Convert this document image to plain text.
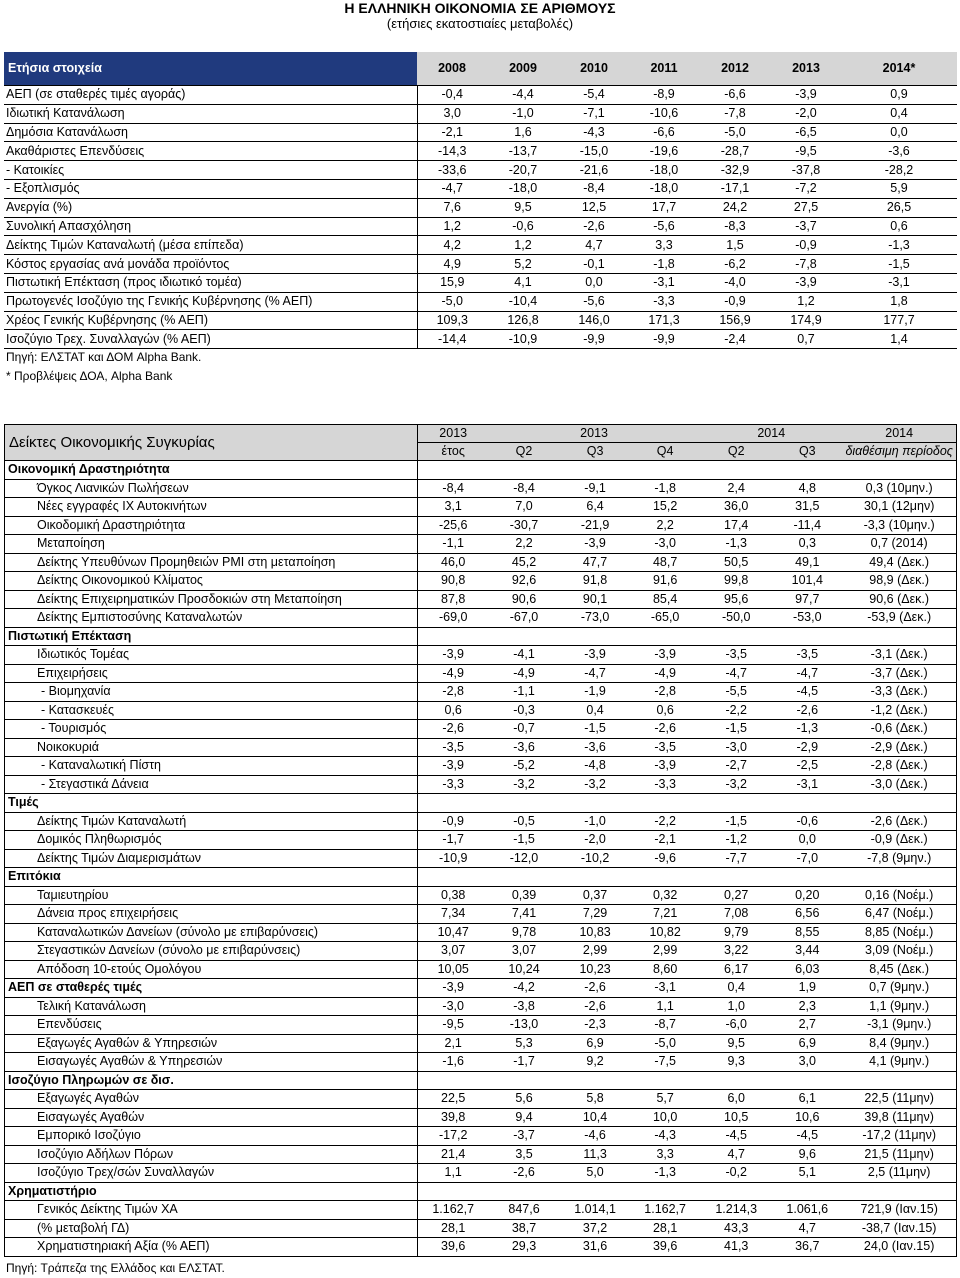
Η ΕΛΛΗΝΙΚΗ ΟΙΚΟΝΟΜΙΑ ΣΕ ΑΡΙΘΜΟΥΣ
(ετήσιες εκατοστιαίες μεταβολές)
Ετήσια στοιχεία	2008	2009	2010	2011	2012	2013	2014*
ΑΕΠ (σε σταθερές τιμές αγοράς)	-0,4	-4,4	-5,4	-8,9	-6,6	-3,9	0,9
Ιδιωτική Κατανάλωση	3,0	-1,0	-7,1	-10,6	-7,8	-2,0	0,4
Δημόσια Κατανάλωση	-2,1	1,6	-4,3	-6,6	-5,0	-6,5	0,0
Ακαθάριστες Επενδύσεις	-14,3	-13,7	-15,0	-19,6	-28,7	-9,5	-3,6
- Κατοικίες	-33,6	-20,7	-21,6	-18,0	-32,9	-37,8	-28,2
- Εξοπλισμός	-4,7	-18,0	-8,4	-18,0	-17,1	-7,2	5,9
Ανεργία (%)	7,6	9,5	12,5	17,7	24,2	27,5	26,5
Συνολική Απασχόληση	1,2	-0,6	-2,6	-5,6	-8,3	-3,7	0,6
Δείκτης Τιμών Καταναλωτή (μέσα επίπεδα)	4,2	1,2	4,7	3,3	1,5	-0,9	-1,3
Κόστος εργασίας ανά μονάδα προϊόντος	4,9	5,2	-0,1	-1,8	-6,2	-7,8	-1,5
Πιστωτική Επέκταση (προς ιδιωτικό τομέα)	15,9	4,1	0,0	-3,1	-4,0	-3,9	-3,1
Πρωτογενές Ισοζύγιο της Γενικής Κυβέρνησης (% ΑΕΠ)	-5,0	-10,4	-5,6	-3,3	-0,9	1,2	1,8
Χρέος Γενικής Κυβέρνησης (% ΑΕΠ)	109,3	126,8	146,0	171,3	156,9	174,9	177,7
Ισοζύγιο Τρεχ. Συναλλαγών (% ΑΕΠ)	-14,4	-10,9	-9,9	-9,9	-2,4	0,7	1,4
Πηγή: ΕΛΣΤΑΤ και ΔΟΜ Alpha Bank.
* Προβλέψεις ΔΟΑ, Alpha Bank
Δείκτες Οικονομικής Συγκυρίας	2013	2013			2014		2014
	έτος	Q2	Q3	Q4	Q2	Q3	διαθέσιμη περίοδος
Οικονομική Δραστηριότητα							
Όγκος Λιανικών Πωλήσεων	-8,4	-8,4	-9,1	-1,8	2,4	4,8	0,3 (10μην.)
Νέες εγγραφές ΙΧ Αυτοκινήτων	3,1	7,0	6,4	15,2	36,0	31,5	30,1 (12μην)
Οικοδομική Δραστηριότητα	-25,6	-30,7	-21,9	2,2	17,4	-11,4	-3,3 (10μην.)
Μεταποίηση	-1,1	2,2	-3,9	-3,0	-1,3	0,3	0,7 (2014)
Δείκτης Υπευθύνων Προμηθειών PMI στη μεταποίηση	46,0	45,2	47,7	48,7	50,5	49,1	49,4 (Δεκ.)
Δείκτης Οικονομικού Κλίματος	90,8	92,6	91,8	91,6	99,8	101,4	98,9 (Δεκ.)
Δείκτης Επιχειρηματικών Προσδοκιών στη Μεταποίηση	87,8	90,6	90,1	85,4	95,6	97,7	90,6 (Δεκ.)
Δείκτης Εμπιστοσύνης Καταναλωτών	-69,0	-67,0	-73,0	-65,0	-50,0	-53,0	-53,9 (Δεκ.)
Πιστωτική Επέκταση							
Ιδιωτικός Τομέας	-3,9	-4,1	-3,9	-3,9	-3,5	-3,5	-3,1 (Δεκ.)
Επιχειρήσεις	-4,9	-4,9	-4,7	-4,9	-4,7	-4,7	-3,7 (Δεκ.)
- Βιομηχανία	-2,8	-1,1	-1,9	-2,8	-5,5	-4,5	-3,3 (Δεκ.)
- Κατασκευές	0,6	-0,3	0,4	0,6	-2,2	-2,6	-1,2 (Δεκ.)
- Τουρισμός	-2,6	-0,7	-1,5	-2,6	-1,5	-1,3	-0,6 (Δεκ.)
Νοικοκυριά	-3,5	-3,6	-3,6	-3,5	-3,0	-2,9	-2,9 (Δεκ.)
- Καταναλωτική Πίστη	-3,9	-5,2	-4,8	-3,9	-2,7	-2,5	-2,8 (Δεκ.)
- Στεγαστικά Δάνεια	-3,3	-3,2	-3,2	-3,3	-3,2	-3,1	-3,0 (Δεκ.)
Τιμές							
Δείκτης Τιμών Καταναλωτή	-0,9	-0,5	-1,0	-2,2	-1,5	-0,6	-2,6 (Δεκ.)
Δομικός Πληθωρισμός	-1,7	-1,5	-2,0	-2,1	-1,2	0,0	-0,9 (Δεκ.)
Δείκτης Τιμών Διαμερισμάτων	-10,9	-12,0	-10,2	-9,6	-7,7	-7,0	-7,8 (9μην.)
Επιτόκια							
Ταμιευτηρίου	0,38	0,39	0,37	0,32	0,27	0,20	0,16 (Νοέμ.)
Δάνεια προς επιχειρήσεις	7,34	7,41	7,29	7,21	7,08	6,56	6,47 (Νοέμ.)
Καταναλωτικών Δανείων (σύνολο με επιβαρύνσεις)	10,47	9,78	10,83	10,82	9,79	8,55	8,85 (Νοέμ.)
Στεγαστικών Δανείων (σύνολο με επιβαρύνσεις)	3,07	3,07	2,99	2,99	3,22	3,44	3,09 (Νοέμ.)
Απόδοση 10-ετούς Ομολόγου	10,05	10,24	10,23	8,60	6,17	6,03	8,45 (Δεκ.)
ΑΕΠ σε σταθερές τιμές	-3,9	-4,2	-2,6	-3,1	0,4	1,9	0,7 (9μην.)
Τελική Κατανάλωση	-3,0	-3,8	-2,6	1,1	1,0	2,3	1,1 (9μην.)
Επενδύσεις	-9,5	-13,0	-2,3	-8,7	-6,0	2,7	-3,1 (9μην.)
Εξαγωγές Αγαθών & Υπηρεσιών	2,1	5,3	6,9	-5,0	9,5	6,9	8,4 (9μην.)
Εισαγωγές Αγαθών & Υπηρεσιών	-1,6	-1,7	9,2	-7,5	9,3	3,0	4,1 (9μην.)
Ισοζύγιο Πληρωμών σε δισ.							
Εξαγωγές Αγαθών	22,5	5,6	5,8	5,7	6,0	6,1	22,5 (11μην)
Εισαγωγές Αγαθών	39,8	9,4	10,4	10,0	10,5	10,6	39,8 (11μην)
Εμπορικό Ισοζύγιο	-17,2	-3,7	-4,6	-4,3	-4,5	-4,5	-17,2 (11μην)
Ισοζύγιο Αδήλων Πόρων	21,4	3,5	11,3	3,3	4,7	9,6	21,5 (11μην)
Ισοζύγιο Τρεχ/σών Συναλλαγών	1,1	-2,6	5,0	-1,3	-0,2	5,1	2,5 (11μην)
Χρηματιστήριο							
Γενικός Δείκτης Τιμών ΧΑ	1.162,7	847,6	1.014,1	1.162,7	1.214,3	1.061,6	721,9 (Ιαν.15)
(% μεταβολή ΓΔ)	28,1	38,7	37,2	28,1	43,3	4,7	-38,7 (Ιαν.15)
Χρηματιστηριακή Αξία (% ΑΕΠ)	39,6	29,3	31,6	39,6	41,3	36,7	24,0 (Ιαν.15)
Πηγή: Τράπεζα της Ελλάδος και ΕΛΣΤΑΤ.
